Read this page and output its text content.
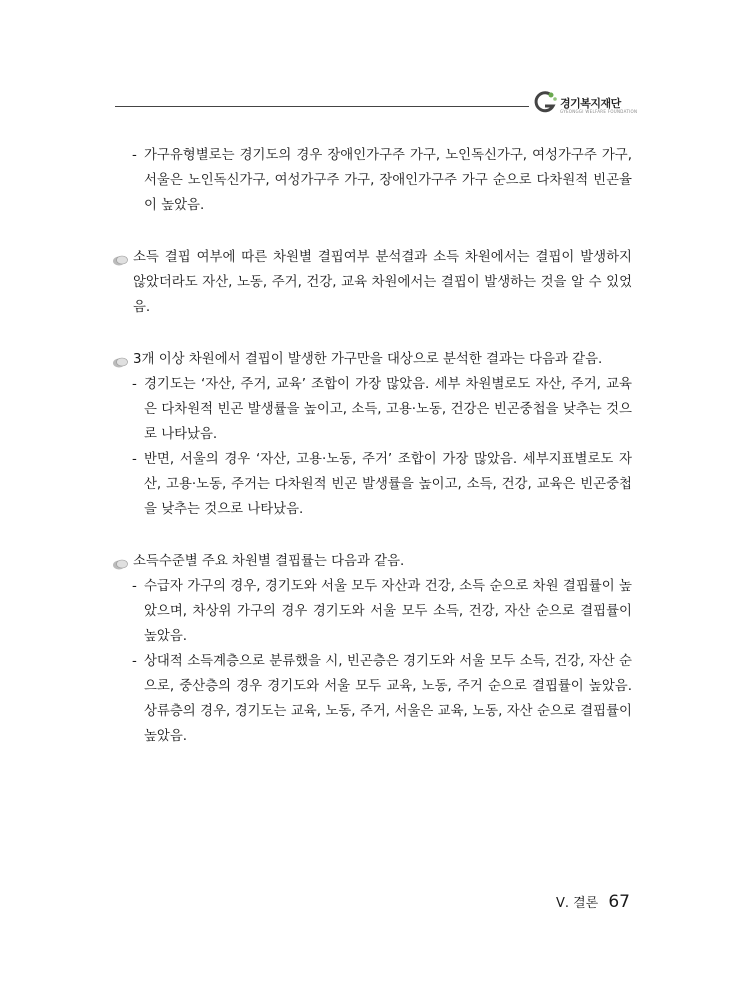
경기복지재단
GYEONGGI WELFARE FOUNDATION
- 가구유형별로는 경기도의 경우 장애인가구주 가구, 노인독신가구, 여성가구주 가구, 서울은 노인독신가구, 여성가구주 가구, 장애인가구주 가구 순으로 다차원적 빈곤율이 높았음.
소득 결핍 여부에 따른 차원별 결핍여부 분석결과 소득 차원에서는 결핍이 발생하지 않았더라도 자산, 노동, 주거, 건강, 교육 차원에서는 결핍이 발생하는 것을 알 수 있었음.
3개 이상 차원에서 결핍이 발생한 가구만을 대상으로 분석한 결과는 다음과 같음.
- 경기도는 ‘자산, 주거, 교육’ 조합이 가장 많았음. 세부 차원별로도 자산, 주거, 교육은 다차원적 빈곤 발생률을 높이고, 소득, 고용·노동, 건강은 빈곤중첩을 낮추는 것으로 나타났음.
- 반면, 서울의 경우 ‘자산, 고용·노동, 주거’ 조합이 가장 많았음. 세부지표별로도 자산, 고용·노동, 주거는 다차원적 빈곤 발생률을 높이고, 소득, 건강, 교육은 빈곤중첩을 낮추는 것으로 나타났음.
소득수준별 주요 차원별 결핍률는 다음과 같음.
- 수급자 가구의 경우, 경기도와 서울 모두 자산과 건강, 소득 순으로 차원 결핍률이 높았으며, 차상위 가구의 경우 경기도와 서울 모두 소득, 건강, 자산 순으로 결핍률이 높았음.
- 상대적 소득계층으로 분류했을 시, 빈곤층은 경기도와 서울 모두 소득, 건강, 자산 순으로, 중산층의 경우 경기도와 서울 모두 교육, 노동, 주거 순으로 결핍률이 높았음. 상류층의 경우, 경기도는 교육, 노동, 주거, 서울은 교육, 노동, 자산 순으로 결핍률이 높았음.
Ⅴ. 결론 67
